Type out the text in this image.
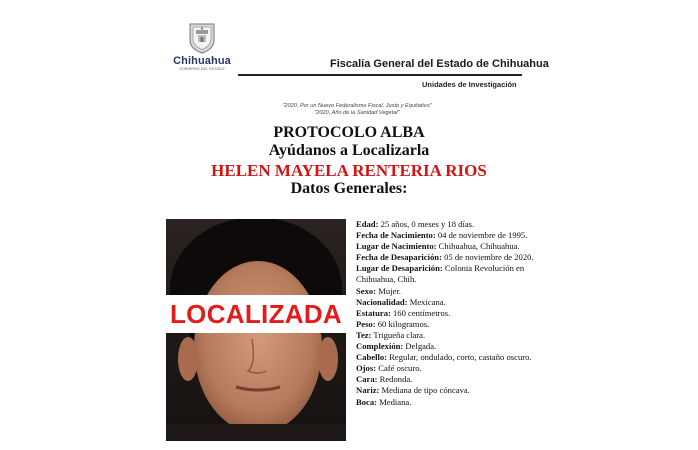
Chihuahua
GOBIERNO DEL ESTADO	Fiscalía General del Estado de Chihuahua
Unidades de Investigación
"2020, Por un Nuevo Federalismo Fiscal, Justo y Equitativo"
"2020, Año de la Sanidad Vegetal"
PROTOCOLO ALBA
Ayúdanos a Localizarla
HELEN MAYELA RENTERIA RIOS
Datos Generales:
LOCALIZADA

Edad: 25 años, 0 meses y 18 días.

Fecha de Nacimiento: 04 de noviembre de 1995.

Lugar de Nacimiento: Chihuahua, Chihuahua.

Fecha de Desaparición: 05 de noviembre de 2020.

Lugar de Desaparición: Colonia Revolución en Chihuahua, Chih.

Sexo: Mujer.

Nacionalidad: Mexicana.

Estatura: 160 centímetros.

Peso: 60 kilogramos.

Tez: Trigueña clara.

Complexión: Delgada.

Cabello: Regular, ondulado, corto, castaño oscuro.

Ojos: Café oscuro.

Cara: Redonda.

Nariz: Mediana de tipo cóncava.

Boca: Mediana.
